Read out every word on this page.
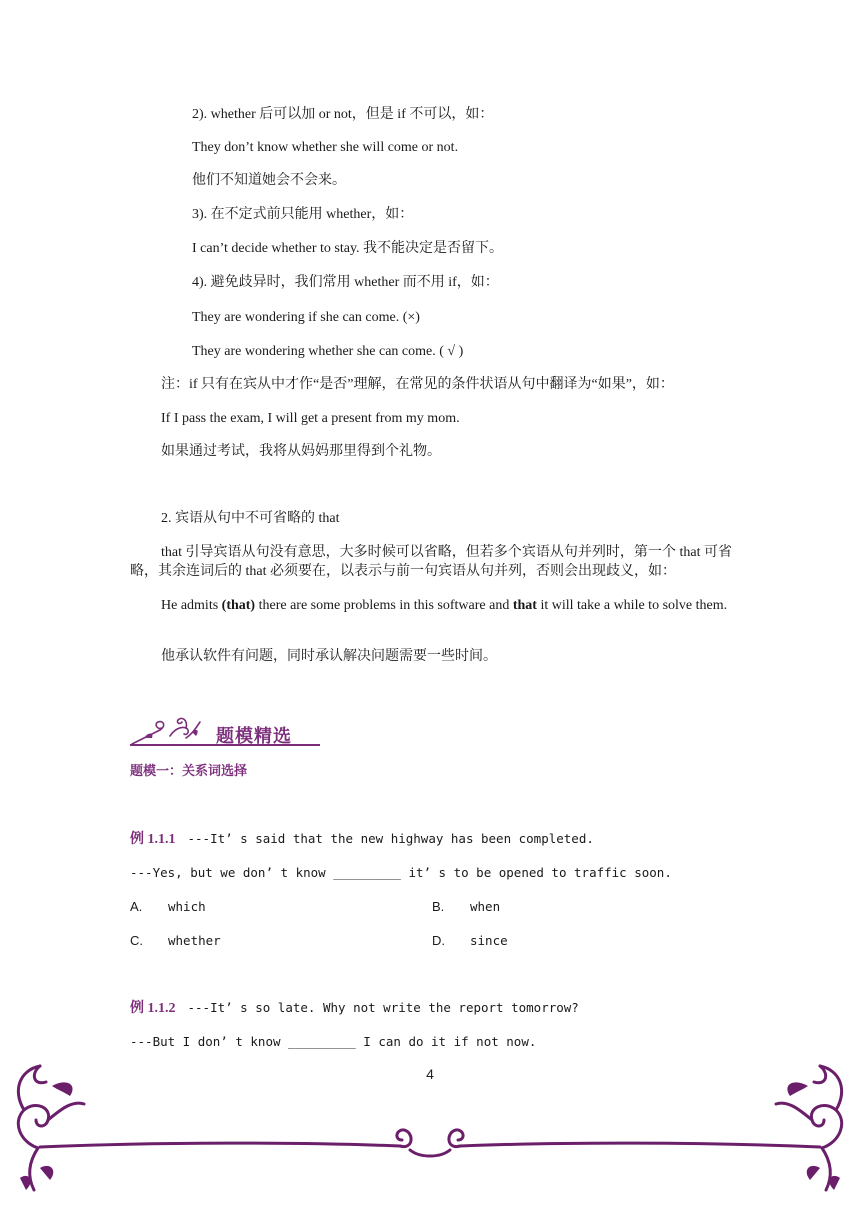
2). whether 后可以加 or not，但是 if 不可以，如：
They don’t know whether she will come or not.
他们不知道她会不会来。
3). 在不定式前只能用 whether，如：
I can’t decide whether to stay. 我不能决定是否留下。
4). 避免歧异时，我们常用 whether 而不用 if，如：
They are wondering if she can come. (×)
They are wondering whether she can come. ( √ )
注：if 只有在宾从中才作“是否”理解，在常见的条件状语从句中翻译为“如果”，如：
If I pass the exam, I will get a present from my mom.
如果通过考试，我将从妈妈那里得到个礼物。
2. 宾语从句中不可省略的 that
that 引导宾语从句没有意思，大多时候可以省略，但若多个宾语从句并列时，第一个 that 可省略，其余连词后的 that 必须要在，以表示与前一句宾语从句并列，否则会出现歧义，如：
He admits (that) there are some problems in this software and that it will take a while to solve them.
他承认软件有问题，同时承认解决问题需要一些时间。
题模精选
题模一：关系词选择
例 1.1.1 ---It’ s said that the new highway has been completed.
---Yes, but we don’ t know _________ it’ s to be opened to traffic soon.
A. which	B. when
C. whether	D. since
例 1.1.2 ---It’ s so late. Why not write the report tomorrow?
---But I don’ t know _________ I can do it if not now.
4
